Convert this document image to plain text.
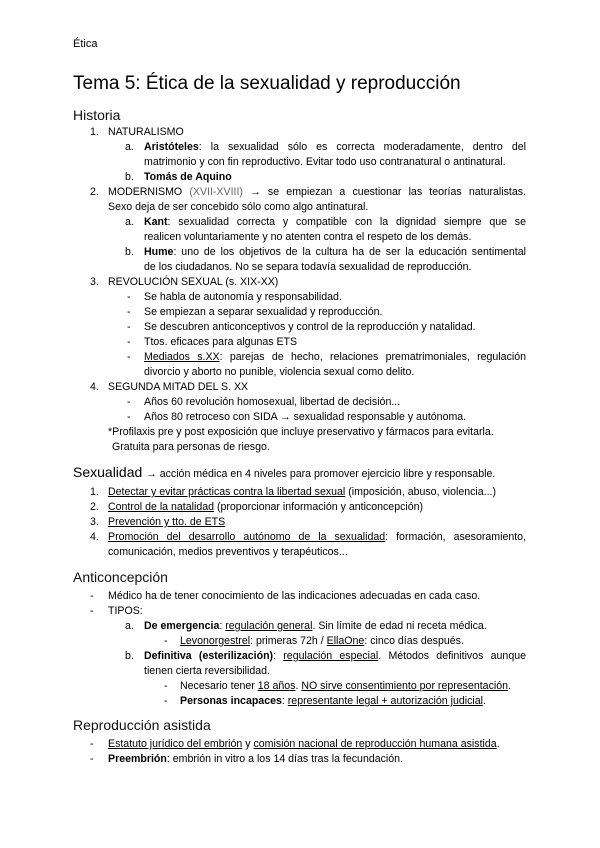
Ética
Tema 5: Ética de la sexualidad y reproducción
Historia
1. NATURALISMO
a. Aristóteles: la sexualidad sólo es correcta moderadamente, dentro del
matrimonio y con fin reproductivo. Evitar todo uso contranatural o antinatural.
b. Tomás de Aquino
2. MODERNISMO (XVII-XVIII) → se empiezan a cuestionar las teorías naturalistas.
Sexo deja de ser concebido sólo como algo antinatural.
a. Kant: sexualidad correcta y compatible con la dignidad siempre que se
realicen voluntariamente y no atenten contra el respeto de los demás.
b. Hume: uno de los objetivos de la cultura ha de ser la educación sentimental
de los ciudadanos. No se separa todavía sexualidad de reproducción.
3. REVOLUCIÓN SEXUAL (s. XIX-XX)
- Se habla de autonomía y responsabilidad.
- Se empiezan a separar sexualidad y reproducción.
- Se descubren anticonceptivos y control de la reproducción y natalidad.
- Ttos. eficaces para algunas ETS
- Mediados s.XX: parejas de hecho, relaciones prematrimoniales, regulación
divorcio y aborto no punible, violencia sexual como delito.
4. SEGUNDA MITAD DEL S. XX
- Años 60 revolución homosexual, libertad de decisión...
- Años 80 retroceso con SIDA → sexualidad responsable y autónoma.
*Profilaxis pre y post exposición que incluye preservativo y fármacos para evitarla.
Gratuita para personas de riesgo.
Sexualidad → acción médica en 4 niveles para promover ejercicio libre y responsable.
1. Detectar y evitar prácticas contra la libertad sexual (imposición, abuso, violencia...)
2. Control de la natalidad (proporcionar información y anticoncepción)
3. Prevención y tto. de ETS
4. Promoción del desarrollo autónomo de la sexualidad: formación, asesoramiento,
comunicación, medios preventivos y terapéuticos...
Anticoncepción
- Médico ha de tener conocimiento de las indicaciones adecuadas en cada caso.
- TIPOS:
a. De emergencia: regulación general. Sin límite de edad ni receta médica.
- Levonorgestrel: primeras 72h / EllaOne: cinco días después.
b. Definitiva (esterilización): regulación especial. Métodos definitivos aunque
tienen cierta reversibilidad.
- Necesario tener 18 años. NO sirve consentimiento por representación.
- Personas incapaces: representante legal + autorización judicial.
Reproducción asistida
- Estatuto jurídico del embrión y comisión nacional de reproducción humana asistida.
- Preembrión: embrión in vitro a los 14 días tras la fecundación.
